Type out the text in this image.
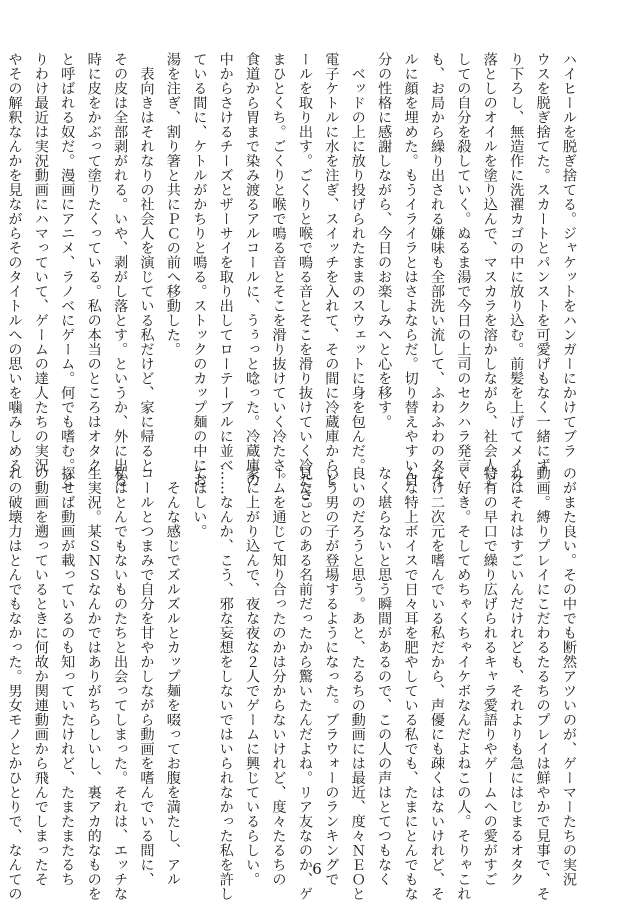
ハイヒールを脱ぎ捨てる。ジャケットをハンガーにかけてブラ

ウスを脱ぎ捨てた。スカートとパンストを可愛げもなく一緒にず

り下ろし、無造作に洗濯カゴの中に放り込む。前髪を上げてメイク

落としのオイルを塗り込んで、マスカラを溶かしながら、社会人と

しての自分を殺していく。ぬるま湯で今日の上司のセクハラ発言

も、お局から繰り出される嫌味も全部洗い流して、ふわふわのタオ

ルに顔を埋めた。もうイライラとはさよならだ。切り替えやすい自

分の性格に感謝しながら、今日のお楽しみへと心を移す。

　ベッドの上に放り投げられたままのスウェットに身を包んだ。

電子ケトルに水を注ぎ、スイッチを入れて、その間に冷蔵庫からビ

ールを取り出す。ごくりと喉で鳴る音とそこを滑り抜けていく冷たさ。

まひとくち。ごくりと喉で鳴る音とそこを滑り抜けていく冷たさ。

食道から胃まで染み渡るアルコールに、うぅっと唸った。冷蔵庫の

中からさけるチーズとザーサイを取り出してローテーブルに並べ

ている間に、ケトルがかちりと鳴る。ストックのカップ麺の中にお

湯を注ぎ、割り箸と共にＰＣの前へ移動した。

　表向きはそれなりの社会人を演じている私だけど、家に帰ると

その皮は全部剥がれる。いや、剥がし落とす。というか、外に出る

時に皮をかぶって塗りたくっている。私の本当のところはオタク

と呼ばれる奴だ。漫画にアニメ、ラノベにゲーム。何でも嗜む。と

りわけ最近は実況動画にハマっていて、ゲームの達人たちの実況

やその解釈なんかを見ながらそのタイトルへの思いを噛みしめる

のがまた良い。その中でも断然アツいのが、ゲーマーたちの実況

動画。縛りプレイにこだわるたるちのプレイは鮮やかで見事で、そ

れはそれはすごいんだけれども、それよりも急にはじまるオタク

特有の早口で繰り広げられるキャラ愛語りやゲームへの愛がすご

く好き。そしてめちゃくちゃイケボなんだよねこの人。そりゃこれ

だけ二次元を嗜んでいる私だから、声優にも疎くはないけれど、そ

んな特上ボイスで日々耳を肥やしている私でも、たまにとんでもな

なく堪らないと思う瞬間があるので、この人の声はとてつもなく

良いのだろうと思う。あと、たるちの動画には最近、度々ＮＥＯと

いう男の子が登場するようになった。ブラウォーのランキングで

見たことのある名前だったから驚いたんだよね。リア友なのか、ゲ

ームを通じて知り合ったのかは分からないけれど、度々たるちの

家に上がり込んで、夜な夜な２人でゲームに興じているらしい。

……なんか、こう、邪な妄想をしないではいられなかった私を許し

てほしい。

　そんな感じでズルズルとカップ麺を啜ってお腹を満たし、アル

コールとつまみで自分を甘やかしながら動画を嗜んでいる間に、

私はとんでもないものたちと出会ってしまった。それは、エッチな

生実況。某ＳＮＳなんかではありがちらしいし、裏アカ的なものを

探せば動画が載っているのも知っていたけれど、たまたまたるち

の動画を遡っているときに何故か関連動画から飛んでしまったそ

れの破壊力はとんでもなかった。男女モノとかひとりで、なんての	6
